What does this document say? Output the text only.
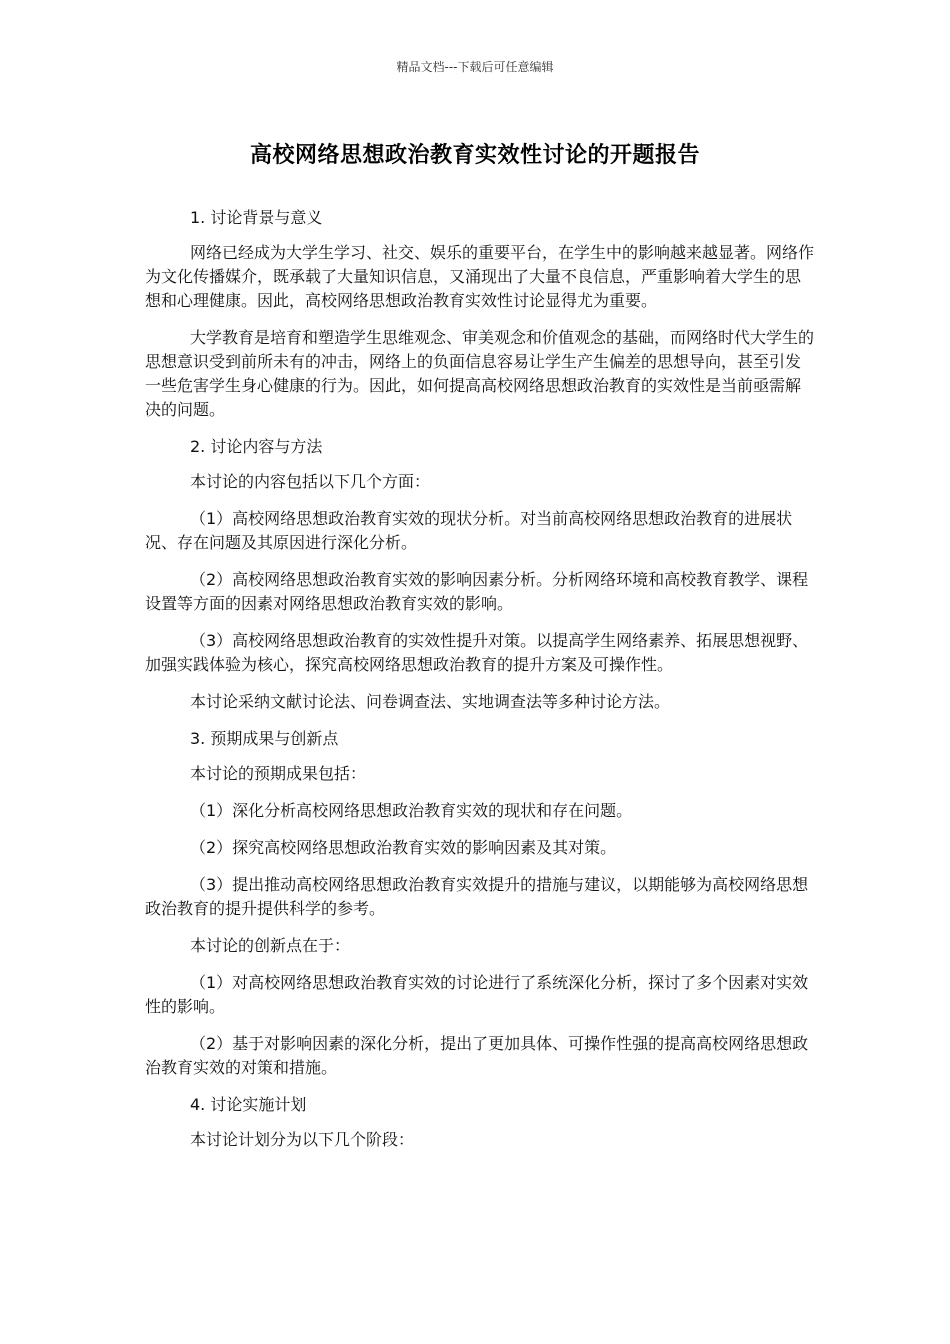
精品文档---下载后可任意编辑
高校网络思想政治教育实效性讨论的开题报告

1. 讨论背景与意义

网络已经成为大学生学习、社交、娱乐的重要平台，在学生中的影响越来越显著。网络作为文化传播媒介，既承载了大量知识信息，又涌现出了大量不良信息，严重影响着大学生的思想和心理健康。因此，高校网络思想政治教育实效性讨论显得尤为重要。

大学教育是培育和塑造学生思维观念、审美观念和价值观念的基础，而网络时代大学生的思想意识受到前所未有的冲击，网络上的负面信息容易让学生产生偏差的思想导向，甚至引发一些危害学生身心健康的行为。因此，如何提高高校网络思想政治教育的实效性是当前亟需解决的问题。

2. 讨论内容与方法

本讨论的内容包括以下几个方面：

（1）高校网络思想政治教育实效的现状分析。对当前高校网络思想政治教育的进展状况、存在问题及其原因进行深化分析。

（2）高校网络思想政治教育实效的影响因素分析。分析网络环境和高校教育教学、课程设置等方面的因素对网络思想政治教育实效的影响。

（3）高校网络思想政治教育的实效性提升对策。以提高学生网络素养、拓展思想视野、加强实践体验为核心，探究高校网络思想政治教育的提升方案及可操作性。

本讨论采纳文献讨论法、问卷调查法、实地调查法等多种讨论方法。

3. 预期成果与创新点

本讨论的预期成果包括：

（1）深化分析高校网络思想政治教育实效的现状和存在问题。

（2）探究高校网络思想政治教育实效的影响因素及其对策。

（3）提出推动高校网络思想政治教育实效提升的措施与建议，以期能够为高校网络思想政治教育的提升提供科学的参考。

本讨论的创新点在于：

（1）对高校网络思想政治教育实效的讨论进行了系统深化分析，探讨了多个因素对实效性的影响。

（2）基于对影响因素的深化分析，提出了更加具体、可操作性强的提高高校网络思想政治教育实效的对策和措施。

4. 讨论实施计划

本讨论计划分为以下几个阶段：
